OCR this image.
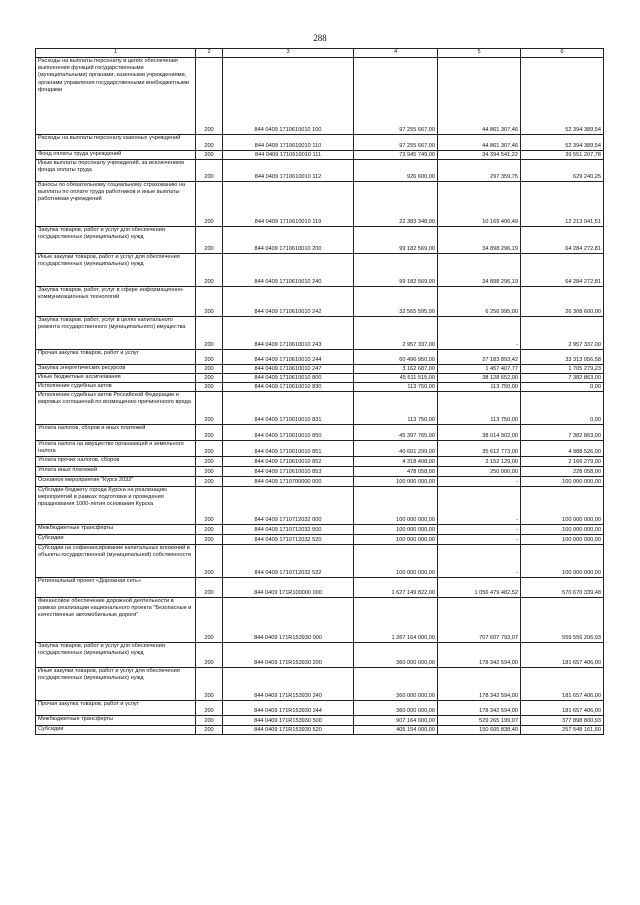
288
1	2	3	4	5	6
Расходы на выплаты персоналу в целях обеспечения выполнения функций государственными (муниципальными) органами, казенными учреждениями, органами управления государственными внебюджетными фондами	200	844 0409 1710610010 100	97 255 667,00	44 861 307,46	52 394 389,54
Расходы на выплаты персоналу казенных учреждений	200	844 0409 1710610010 110	97 255 667,00	44 861 307,46	52 394 389,54
Фонд оплаты труда учреждений	200	844 0409 1710610010 111	73 945 749,00	34 394 541,22	39 551 207,78
Иные выплаты персоналу учреждений, за исключением фонда оплаты труда	200	844 0409 1710610010 112	926 600,00	297 359,75	629 240,25
Взносы по обязательному социальному страхованию на выплаты по оплате труда работников и иные выплаты работникам учреждений	200	844 0409 1710610010 119	22 383 348,00	10 169 406,49	12 213 941,51
Закупка товаров, работ и услуг для обеспечения государственных (муниципальных) нужд	200	844 0409 1710610010 200	99 182 569,00	34 898 296,19	64 284 272,81
Иные закупки товаров, работ и услуг для обеспечения государственных (муниципальных) нужд	200	844 0409 1710610010 240	99 182 569,00	34 898 296,19	64 284 272,81
Закупка товаров, работ, услуг в сфере информационно-коммуникационных технологий	200	844 0409 1710610010 242	32 565 595,00	6 256 995,00	26 308 600,00
Закупка товаров, работ, услуг в целях капитального ремонта государственного (муниципального) имущества	200	844 0409 1710610010 243	2 957 337,00	-	2 957 337,00
Прочая закупка товаров, работ и услуг	200	844 0409 1710610010 244	60 496 950,00	27 183 893,42	33 313 056,58
Закупка энергетических ресурсов	200	844 0409 1710610010 247	3 162 687,00	1 457 407,77	1 705 279,23
Иные бюджетные ассигнования	200	844 0409 1710610010 800	45 511 515,00	38 128 652,00	7 382 863,00
Исполнение судебных актов	200	844 0409 1710610010 830	113 750,00	113 750,00	0,00
Исполнение судебных актов Российской Федерации и мировых соглашений по возмещению причиненного вреда	200	844 0409 1710610010 831	113 750,00	113 750,00	0,00
Уплата налогов, сборов и иных платежей	200	844 0409 1710610010 850	45 397 765,00	38 014 902,00	7 382 863,00
Уплата налога на имущество организаций и земельного налога	200	844 0409 1710610010 851	40 601 299,00	35 612 773,00	4 988 526,00
Уплата прочих налогов, сборов	200	844 0409 1710610010 852	4 318 408,00	2 152 129,00	2 166 279,00
Уплата иных платежей	200	844 0409 1710610010 853	478 058,00	250 000,00	228 058,00
Основное мероприятие "Курск 2032"	200	844 0409 1710700000 000	100 000 000,00	-	100 000 000,00
Субсидии бюджету города Курска на реализацию мероприятий в рамках подготовки и проведения празднования 1000-летия основания Курска	200	844 0409 1710712032 000	100 000 000,00	-	100 000 000,00
Межбюджетные трансферты	200	844 0409 1710712032 500	100 000 000,00	-	100 000 000,00
Субсидии	200	844 0409 1710712032 520	100 000 000,00	-	100 000 000,00
Субсидии на софинансирование капитальных вложений в объекты государственной (муниципальной) собственности	200	844 0409 1710712032 522	100 000 000,00	-	100 000 000,00
Региональный проект «Дорожная сеть»	200	844 0409 171R100000 000	1 627 149 822,00	1 056 479 482,52	570 670 339,48
Финансовое обеспечение дорожной деятельности в рамках реализации национального проекта "Безопасные и качественные автомобильные дороги"	200	844 0409 171R153930 000	1 267 164 000,00	707 607 793,07	559 556 206,93
Закупка товаров, работ и услуг для обеспечения государственных (муниципальных) нужд	200	844 0409 171R153930 200	360 000 000,00	178 342 594,00	181 657 406,00
Иные закупки товаров, работ и услуг для обеспечения государственных (муниципальных) нужд	200	844 0409 171R153930 240	360 000 000,00	178 342 594,00	181 657 406,00
Прочая закупка товаров, работ и услуг	200	844 0409 171R153930 244	360 000 000,00	178 342 594,00	181 657 406,00
Межбюджетные трансферты	200	844 0409 171R153930 500	907 164 000,00	529 265 199,07	377 898 800,93
Субсидии	200	844 0409 171R153930 520	405 154 000,00	150 605 838,40	257 548 161,60
